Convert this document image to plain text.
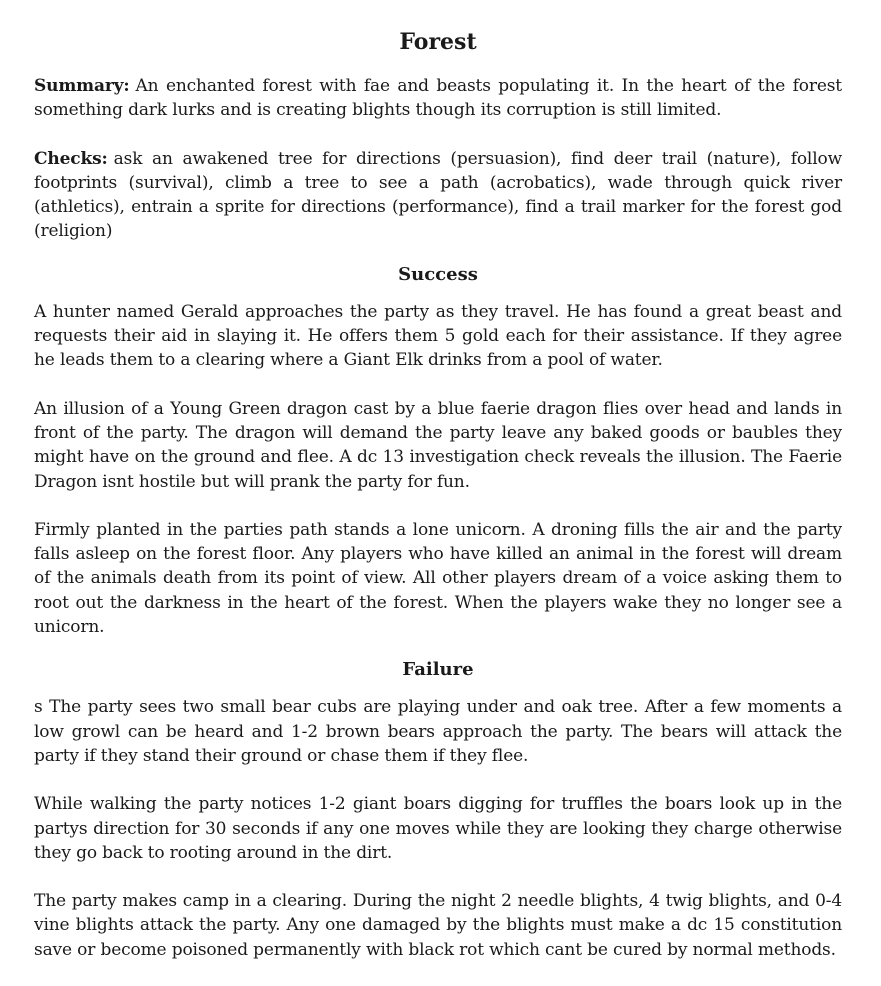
Forest

Summary: An enchanted forest with fae and beasts populating it. In the heart of the forest something dark lurks and is creating blights though its corruption is still limited.

Checks: ask an awakened tree for directions (persuasion), find deer trail (nature), follow footprints (survival), climb a tree to see a path (acrobatics), wade through quick river (athletics), entrain a sprite for directions (performance), find a trail marker for the forest god (religion)

Success

A hunter named Gerald approaches the party as they travel. He has found a great beast and requests their aid in slaying it. He offers them 5 gold each for their assistance. If they agree he leads them to a clearing where a Giant Elk drinks from a pool of water.

An illusion of a Young Green dragon cast by a blue faerie dragon flies over head and lands in front of the party. The dragon will demand the party leave any baked goods or baubles they might have on the ground and flee. A dc 13 investigation check reveals the illusion. The Faerie Dragon isnt hostile but will prank the party for fun.

Firmly planted in the parties path stands a lone unicorn. A droning fills the air and the party falls asleep on the forest floor. Any players who have killed an animal in the forest will dream of the animals death from its point of view. All other players dream of a voice asking them to root out the darkness in the heart of the forest. When the players wake they no longer see a unicorn.

Failure

s The party sees two small bear cubs are playing under and oak tree. After a few moments a low growl can be heard and 1-2 brown bears approach the party. The bears will attack the party if they stand their ground or chase them if they flee.

While walking the party notices 1-2 giant boars digging for truffles the boars look up in the partys direction for 30 seconds if any one moves while they are looking they charge otherwise they go back to rooting around in the dirt.

The party makes camp in a clearing. During the night 2 needle blights, 4 twig blights, and 0-4 vine blights attack the party. Any one damaged by the blights must make a dc 15 constitution save or become poisoned permanently with black rot which cant be cured by normal methods.
